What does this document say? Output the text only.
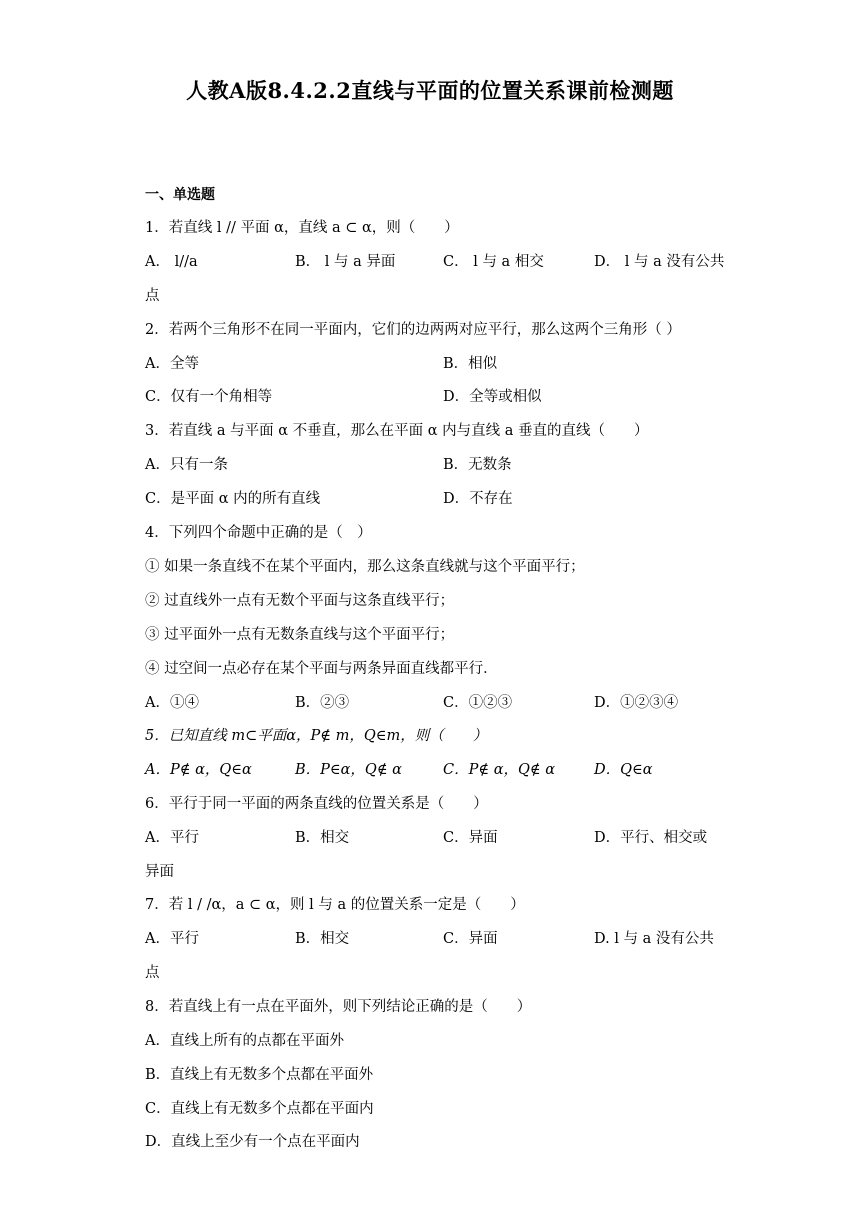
人教A版8.4.2.2直线与平面的位置关系课前检测题
一、单选题
1．若直线 l // 平面 α，直线 a ⊂ α，则（　　）
A． l//a	B． l 与 a 异面	C． l 与 a 相交	D． l 与 a 没有公共
点
2．若两个三角形不在同一平面内，它们的边两两对应平行，那么这两个三角形（ ）
A．全等	B．相似
C．仅有一个角相等	D．全等或相似
3．若直线 a 与平面 α 不垂直，那么在平面 α 内与直线 a 垂直的直线（　　）
A．只有一条	B．无数条
C．是平面 α 内的所有直线	D．不存在
4．下列四个命题中正确的是（　）
① 如果一条直线不在某个平面内，那么这条直线就与这个平面平行；
② 过直线外一点有无数个平面与这条直线平行；
③ 过平面外一点有无数条直线与这个平面平行；
④ 过空间一点必存在某个平面与两条异面直线都平行．
A．①④	B．②③	C．①②③	D．①②③④
5．已知直线 m⊂平面α，P∉ m，Q∈m，则（　　）
A．P∉ α，Q∈α	B．P∈α，Q∉ α	C．P∉ α，Q∉ α	D．Q∈α
6．平行于同一平面的两条直线的位置关系是（　　）
A．平行	B．相交	C．异面	D．平行、相交或
异面
7．若 l / /α，a ⊂ α，则 l 与 a 的位置关系一定是（　　）
A．平行	B．相交	C．异面	D. l 与 a 没有公共
点
8．若直线上有一点在平面外，则下列结论正确的是（　　）
A．直线上所有的点都在平面外
B．直线上有无数多个点都在平面外
C．直线上有无数多个点都在平面内
D．直线上至少有一个点在平面内
